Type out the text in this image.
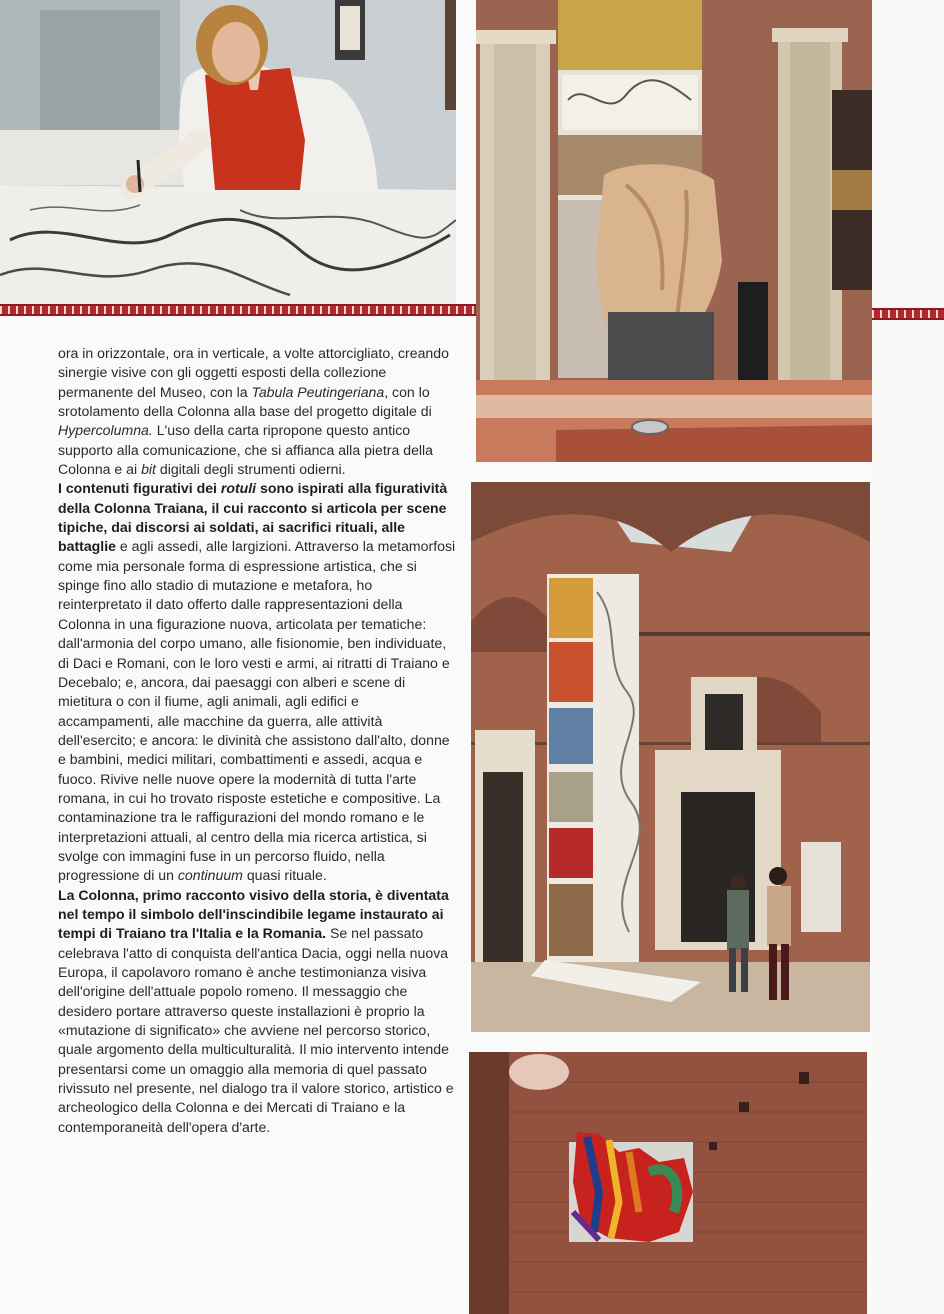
ora in orizzontale, ora in verticale, a volte attorcigliato, creando sinergie visive con gli oggetti esposti della collezione permanente del Museo, con la Tabula Peutingeriana, con lo srotolamento della Colonna alla base del progetto digitale di Hypercolumna. L'uso della carta ripropone questo antico supporto alla comunicazione, che si affianca alla pietra della Colonna e ai bit digitali degli strumenti odierni.

I contenuti figurativi dei rotuli sono ispirati alla figuratività della Colonna Traiana, il cui racconto si articola per scene tipiche, dai discorsi ai soldati, ai sacrifici rituali, alle battaglie e agli assedi, alle largizioni. Attraverso la metamorfosi come mia personale forma di espressione artistica, che si spinge fino allo stadio di mutazione e metafora, ho reinterpretato il dato offerto dalle rappresentazioni della Colonna in una figurazione nuova, articolata per tematiche: dall'armonia del corpo umano, alle fisionomie, ben individuate, di Daci e Romani, con le loro vesti e armi, ai ritratti di Traiano e Decebalo; e, ancora, dai paesaggi con alberi e scene di mietitura o con il fiume, agli animali, agli edifici e accampamenti, alle macchine da guerra, alle attività dell'esercito; e ancora: le divinità che assistono dall'alto, donne e bambini, medici militari, combattimenti e assedi, acqua e fuoco. Rivive nelle nuove opere la modernità di tutta l'arte romana, in cui ho trovato risposte estetiche e compositive. La contaminazione tra le raffigurazioni del mondo romano e le interpretazioni attuali, al centro della mia ricerca artistica, si svolge con immagini fuse in un percorso fluido, nella progressione di un continuum quasi rituale.

La Colonna, primo racconto visivo della storia, è diventata nel tempo il simbolo dell'inscindibile legame instaurato ai tempi di Traiano tra l'Italia e la Romania. Se nel passato celebrava l'atto di conquista dell'antica Dacia, oggi nella nuova Europa, il capolavoro romano è anche testimonianza visiva dell'origine dell'attuale popolo romeno. Il messaggio che desidero portare attraverso queste installazioni è proprio la «mutazione di significato» che avviene nel percorso storico, quale argomento della multiculturalità. Il mio intervento intende presentarsi come un omaggio alla memoria di quel passato rivissuto nel presente, nel dialogo tra il valore storico, artistico e archeologico della Colonna e dei Mercati di Traiano e la contemporaneità dell'opera d'arte.
